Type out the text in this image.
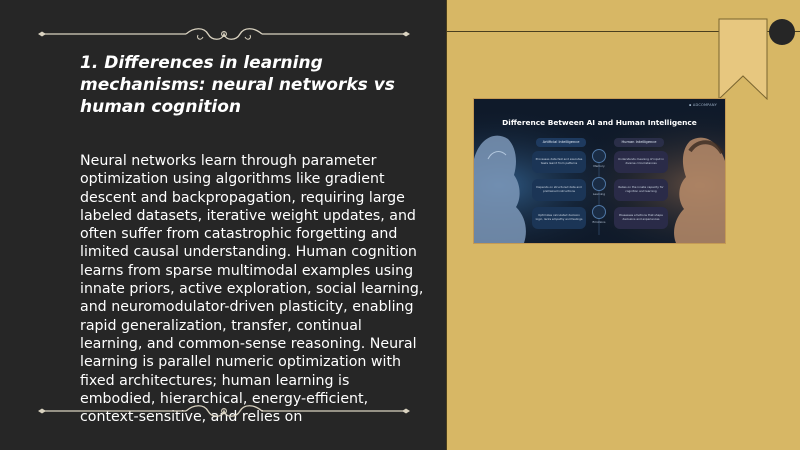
1. Differences in learning mechanisms: neural networks vs human cognition

Neural networks learn through parameter optimization using algorithms like gradient descent and backpropagation, requiring large labeled datasets, iterative weight updates, and often suffer from catastrophic forgetting and limited causal understanding. Human cognition learns from sparse multimodal examples using innate priors, active exploration, social learning, and neuromodulator-driven plasticity, enabling rapid generalization, transfer, continual learning, and common-sense reasoning. Neural learning is parallel numeric optimization with fixed architectures; human learning is embodied, hierarchical, energy-efficient, context-sensitive, and relies on

▪ ADCOMPANY
Difference Between AI and Human Intelligence
Artificial Intelligence	Human Intelligence
Processes data fast and executes tasks learnt from patterns
Memory
Understands meaning of input in diverse circumstances
Depends on structured data and pretrained instructions
Learning
Relies on the innate capacity for cognition and learning
Optimizes calculated decision logic, lacks empathy and feelings
Emotions
Possesses emotions that shape decisions and experiences
